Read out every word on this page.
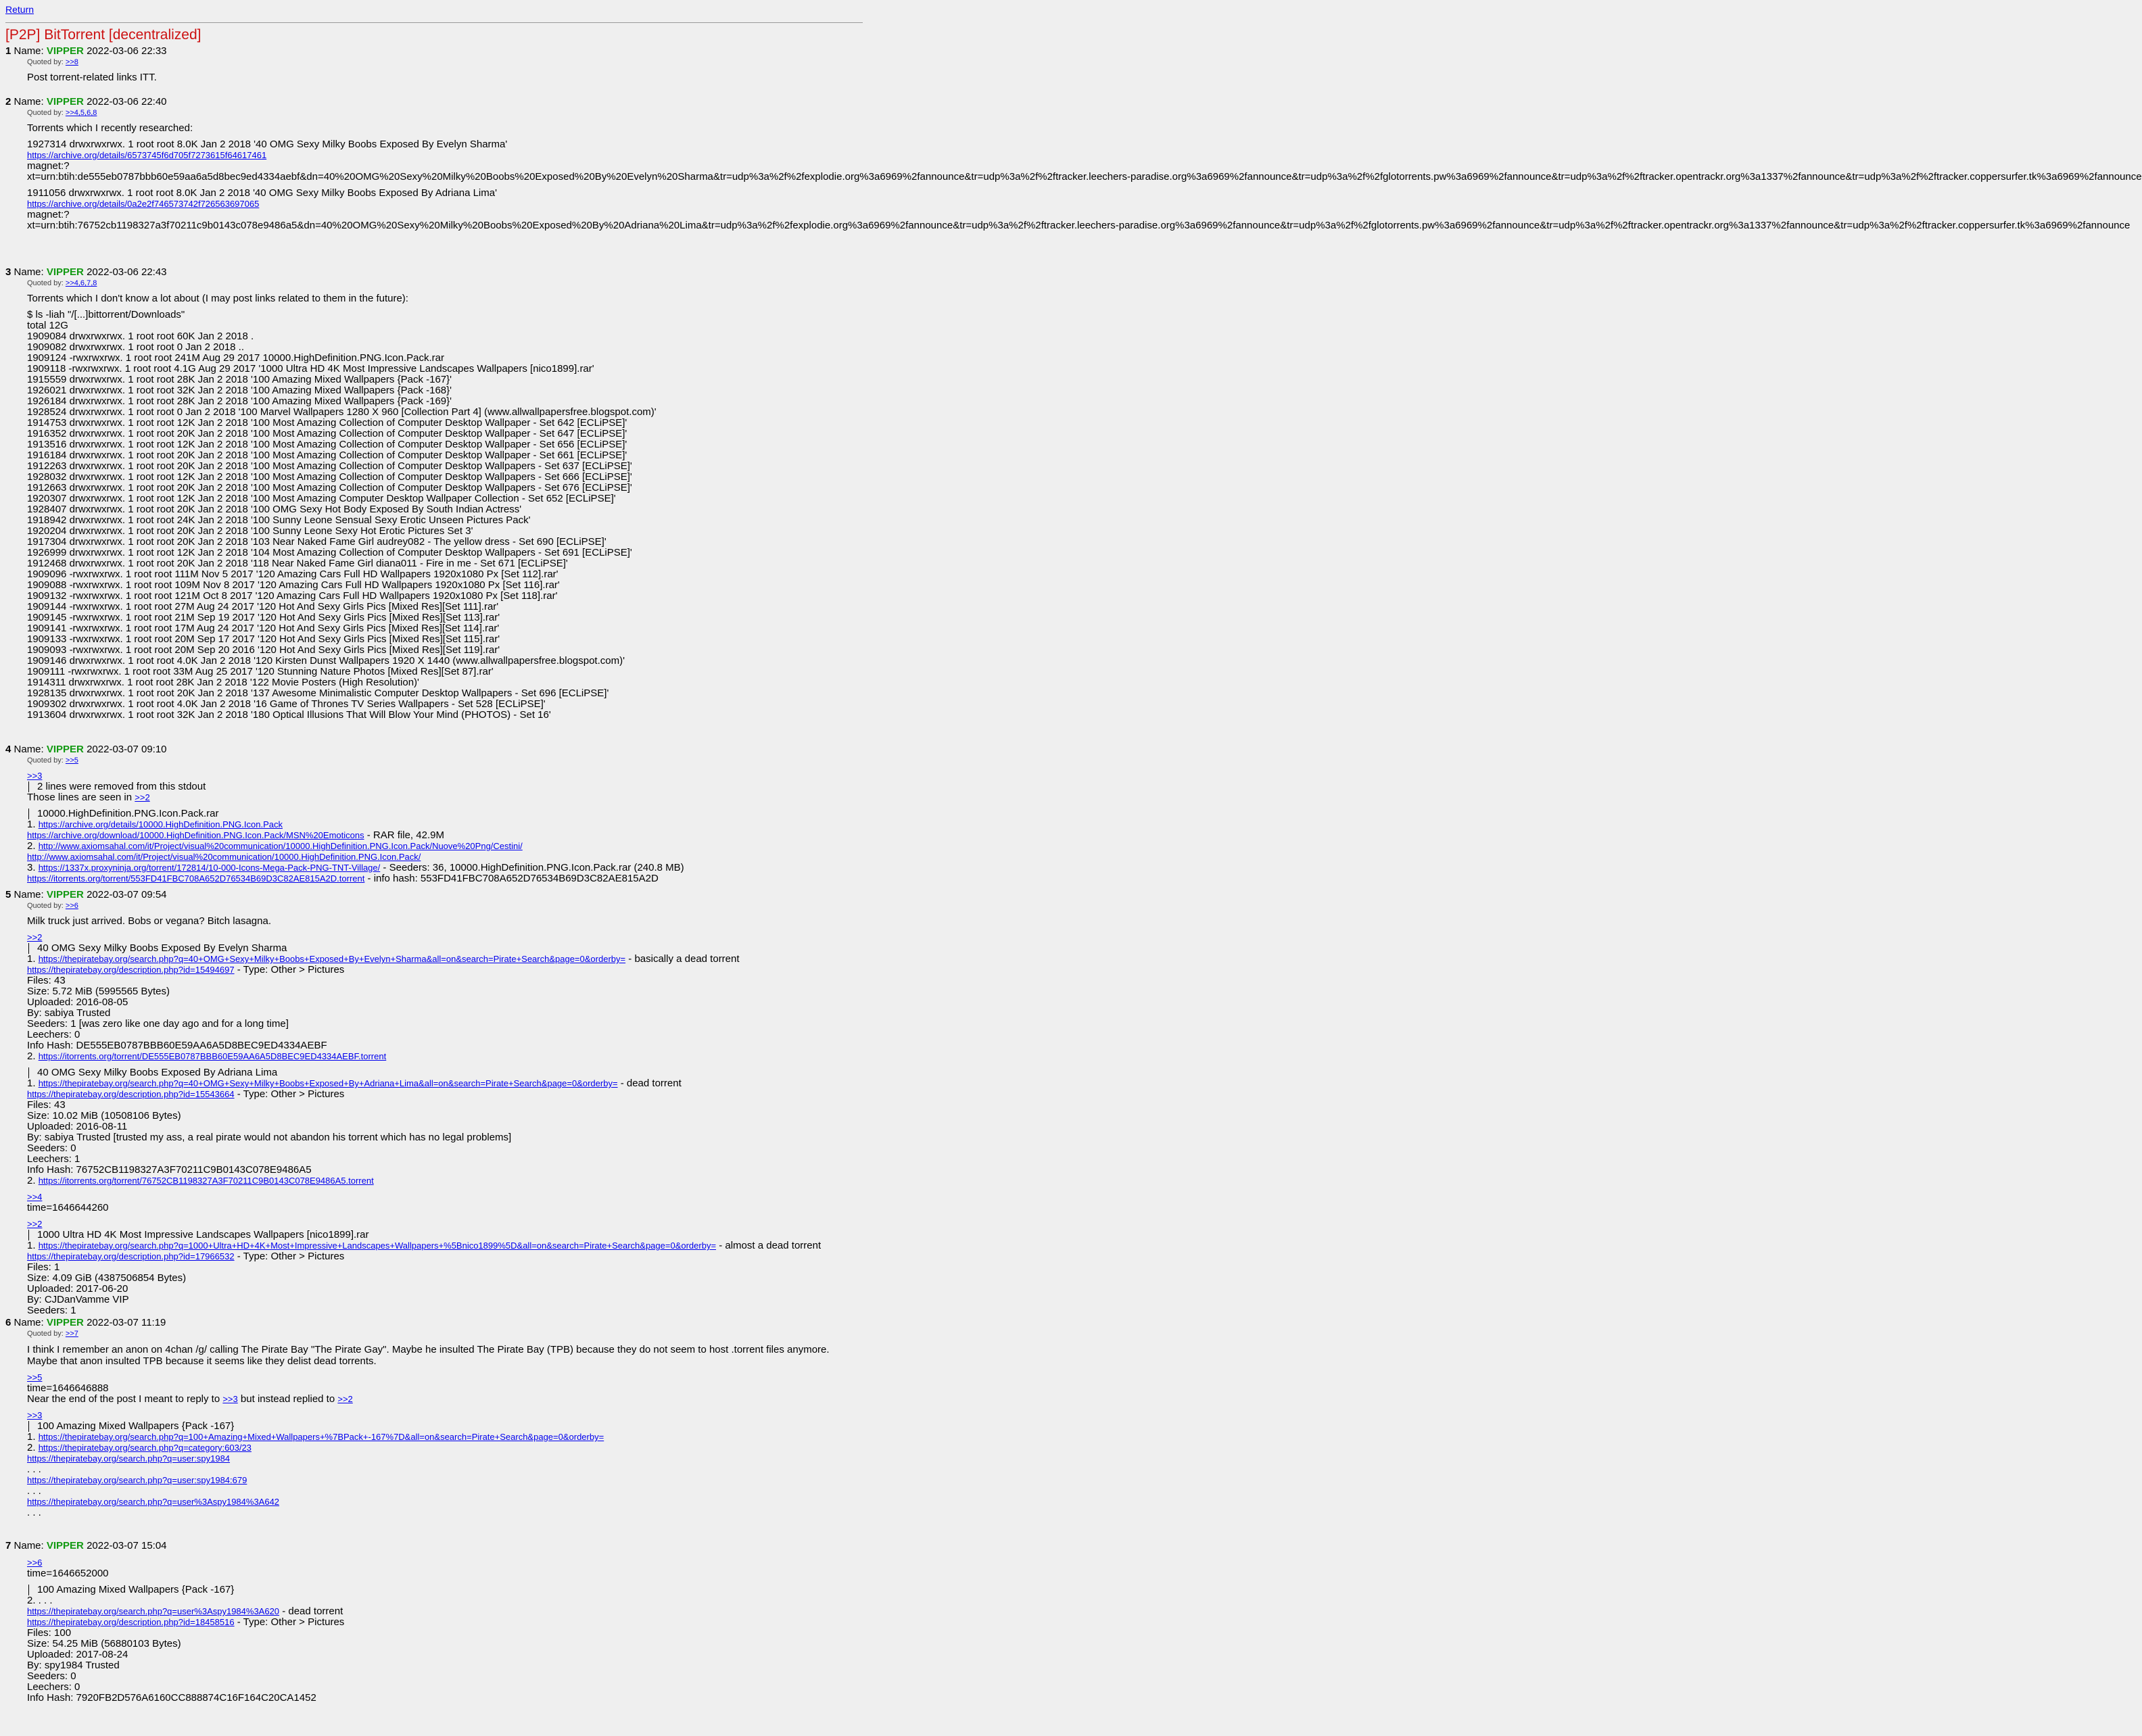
Return
[P2P] BitTorrent [decentralized]
1 Name: VIPPER 2022-03-06 22:33
Quoted by: >>8
Post torrent-related links ITT.
2 Name: VIPPER 2022-03-06 22:40
Quoted by: >>4,5,6,8
Torrents which I recently researched:
1927314 drwxrwxrwx. 1 root root 8.0K Jan 2 2018 '40 OMG Sexy Milky Boobs Exposed By Evelyn Sharma'
https://archive.org/details/6573745f6d705f7273615f64617461
magnet:?
xt=urn:btih:de555eb0787bbb60e59aa6a5d8bec9ed4334aebf&dn=40%20OMG%20Sexy%20Milky%20Boobs%20Exposed%20By%20Evelyn%20Sharma&tr=udp%3a%2f%2fexplodie.org%3a6969%2fannounce&tr=udp%3a%2f%2ftracker.leechers-paradise.org%3a6969%2fannounce&tr=udp%3a%2f%2fglotorrents.pw%3a6969%2fannounce&tr=udp%3a%2f%2ftracker.opentrackr.org%3a1337%2fannounce&tr=udp%3a%2f%2ftracker.coppersurfer.tk%3a6969%2fannounce
1911056 drwxrwxrwx. 1 root root 8.0K Jan 2 2018 '40 OMG Sexy Milky Boobs Exposed By Adriana Lima'
https://archive.org/details/0a2e2f746573742f726563697065
magnet:?
xt=urn:btih:76752cb1198327a3f70211c9b0143c078e9486a5&dn=40%20OMG%20Sexy%20Milky%20Boobs%20Exposed%20By%20Adriana%20Lima&tr=udp%3a%2f%2fexplodie.org%3a6969%2fannounce&tr=udp%3a%2f%2ftracker.leechers-paradise.org%3a6969%2fannounce&tr=udp%3a%2f%2fglotorrents.pw%3a6969%2fannounce&tr=udp%3a%2f%2ftracker.opentrackr.org%3a1337%2fannounce&tr=udp%3a%2f%2ftracker.coppersurfer.tk%3a6969%2fannounce
3 Name: VIPPER 2022-03-06 22:43
Quoted by: >>4,6,7,8
Torrents which I don't know a lot about (I may post links related to them in the future):
$ ls -liah "/[...]bittorrent/Downloads"
total 12G
1909084 drwxrwxrwx. 1 root root 60K Jan 2 2018 .
1909082 drwxrwxrwx. 1 root root 0 Jan 2 2018 ..
1909124 -rwxrwxrwx. 1 root root 241M Aug 29 2017 10000.HighDefinition.PNG.Icon.Pack.rar
1909118 -rwxrwxrwx. 1 root root 4.1G Aug 29 2017 '1000 Ultra HD 4K Most Impressive Landscapes Wallpapers [nico1899].rar'
1915559 drwxrwxrwx. 1 root root 28K Jan 2 2018 '100 Amazing Mixed Wallpapers {Pack -167}'
1926021 drwxrwxrwx. 1 root root 32K Jan 2 2018 '100 Amazing Mixed Wallpapers {Pack -168}'
1926184 drwxrwxrwx. 1 root root 28K Jan 2 2018 '100 Amazing Mixed Wallpapers {Pack -169}'
1928524 drwxrwxrwx. 1 root root 0 Jan 2 2018 '100 Marvel Wallpapers 1280 X 960 [Collection Part 4] (www.allwallpapersfree.blogspot.com)'
1914753 drwxrwxrwx. 1 root root 12K Jan 2 2018 '100 Most Amazing Collection of Computer Desktop Wallpaper - Set 642 [ECLiPSE]'
1916352 drwxrwxrwx. 1 root root 20K Jan 2 2018 '100 Most Amazing Collection of Computer Desktop Wallpaper - Set 647 [ECLiPSE]'
1913516 drwxrwxrwx. 1 root root 12K Jan 2 2018 '100 Most Amazing Collection of Computer Desktop Wallpaper - Set 656 [ECLiPSE]'
1916184 drwxrwxrwx. 1 root root 20K Jan 2 2018 '100 Most Amazing Collection of Computer Desktop Wallpaper - Set 661 [ECLiPSE]'
1912263 drwxrwxrwx. 1 root root 20K Jan 2 2018 '100 Most Amazing Collection of Computer Desktop Wallpapers - Set 637 [ECLiPSE]'
1928032 drwxrwxrwx. 1 root root 12K Jan 2 2018 '100 Most Amazing Collection of Computer Desktop Wallpapers - Set 666 [ECLiPSE]'
1912663 drwxrwxrwx. 1 root root 20K Jan 2 2018 '100 Most Amazing Collection of Computer Desktop Wallpapers - Set 676 [ECLiPSE]'
1920307 drwxrwxrwx. 1 root root 12K Jan 2 2018 '100 Most Amazing Computer Desktop Wallpaper Collection - Set 652 [ECLiPSE]'
1928407 drwxrwxrwx. 1 root root 20K Jan 2 2018 '100 OMG Sexy Hot Body Exposed By South Indian Actress'
1918942 drwxrwxrwx. 1 root root 24K Jan 2 2018 '100 Sunny Leone Sensual Sexy Erotic Unseen Pictures Pack'
1920204 drwxrwxrwx. 1 root root 20K Jan 2 2018 '100 Sunny Leone Sexy Hot Erotic Pictures Set 3'
1917304 drwxrwxrwx. 1 root root 20K Jan 2 2018 '103 Near Naked Fame Girl audrey082 - The yellow dress - Set 690 [ECLiPSE]'
1926999 drwxrwxrwx. 1 root root 12K Jan 2 2018 '104 Most Amazing Collection of Computer Desktop Wallpapers - Set 691 [ECLiPSE]'
1912468 drwxrwxrwx. 1 root root 20K Jan 2 2018 '118 Near Naked Fame Girl diana011 - Fire in me - Set 671 [ECLiPSE]'
1909096 -rwxrwxrwx. 1 root root 111M Nov 5 2017 '120 Amazing Cars Full HD Wallpapers 1920x1080 Px [Set 112].rar'
1909088 -rwxrwxrwx. 1 root root 109M Nov 8 2017 '120 Amazing Cars Full HD Wallpapers 1920x1080 Px [Set 116].rar'
1909132 -rwxrwxrwx. 1 root root 121M Oct 8 2017 '120 Amazing Cars Full HD Wallpapers 1920x1080 Px [Set 118].rar'
1909144 -rwxrwxrwx. 1 root root 27M Aug 24 2017 '120 Hot And Sexy Girls Pics [Mixed Res][Set 111].rar'
1909145 -rwxrwxrwx. 1 root root 21M Sep 19 2017 '120 Hot And Sexy Girls Pics [Mixed Res][Set 113].rar'
1909141 -rwxrwxrwx. 1 root root 17M Aug 24 2017 '120 Hot And Sexy Girls Pics [Mixed Res][Set 114].rar'
1909133 -rwxrwxrwx. 1 root root 20M Sep 17 2017 '120 Hot And Sexy Girls Pics [Mixed Res][Set 115].rar'
1909093 -rwxrwxrwx. 1 root root 20M Sep 20 2016 '120 Hot And Sexy Girls Pics [Mixed Res][Set 119].rar'
1909146 drwxrwxrwx. 1 root root 4.0K Jan 2 2018 '120 Kirsten Dunst Wallpapers 1920 X 1440 (www.allwallpapersfree.blogspot.com)'
1909111 -rwxrwxrwx. 1 root root 33M Aug 25 2017 '120 Stunning Nature Photos [Mixed Res][Set 87].rar'
1914311 drwxrwxrwx. 1 root root 28K Jan 2 2018 '122 Movie Posters (High Resolution)'
1928135 drwxrwxrwx. 1 root root 20K Jan 2 2018 '137 Awesome Minimalistic Computer Desktop Wallpapers - Set 696 [ECLiPSE]'
1909302 drwxrwxrwx. 1 root root 4.0K Jan 2 2018 '16 Game of Thrones TV Series Wallpapers - Set 528 [ECLiPSE]'
1913604 drwxrwxrwx. 1 root root 32K Jan 2 2018 '180 Optical Illusions That Will Blow Your Mind (PHOTOS) - Set 16'
4 Name: VIPPER 2022-03-07 09:10
Quoted by: >>5
>>3
2 lines were removed from this stdout
Those lines are seen in >>2
10000.HighDefinition.PNG.Icon.Pack.rar
1. https://archive.org/details/10000.HighDefinition.PNG.Icon.Pack
https://archive.org/download/10000.HighDefinition.PNG.Icon.Pack/MSN%20Emoticons - RAR file, 42.9M
2. http://www.axiomsahal.com/it/Project/visual%20communication/10000.HighDefinition.PNG.Icon.Pack/Nuove%20Png/Cestini/
http://www.axiomsahal.com/it/Project/visual%20communication/10000.HighDefinition.PNG.Icon.Pack/
3. https://1337x.proxyninja.org/torrent/172814/10-000-Icons-Mega-Pack-PNG-TNT-Village/ - Seeders: 36, 10000.HighDefinition.PNG.Icon.Pack.rar (240.8 MB)
https://itorrents.org/torrent/553FD41FBC708A652D76534B69D3C82AE815A2D.torrent - info hash: 553FD41FBC708A652D76534B69D3C82AE815A2D
5 Name: VIPPER 2022-03-07 09:54
Quoted by: >>6
Milk truck just arrived. Bobs or vegana? Bitch lasagna.
>>2
40 OMG Sexy Milky Boobs Exposed By Evelyn Sharma
1. https://thepiratebay.org/search.php?q=40+OMG+Sexy+Milky+Boobs+Exposed+By+Evelyn+Sharma&all=on&search=Pirate+Search&page=0&orderby= - basically a dead torrent
https://thepiratebay.org/description.php?id=15494697 - Type: Other > Pictures
Files: 43
Size: 5.72 MiB (5995565 Bytes)
Uploaded: 2016-08-05
By: sabiya Trusted
Seeders: 1 [was zero like one day ago and for a long time]
Leechers: 0
Info Hash: DE555EB0787BBB60E59AA6A5D8BEC9ED4334AEBF
2. https://itorrents.org/torrent/DE555EB0787BBB60E59AA6A5D8BEC9ED4334AEBF.torrent
40 OMG Sexy Milky Boobs Exposed By Adriana Lima
1. https://thepiratebay.org/search.php?q=40+OMG+Sexy+Milky+Boobs+Exposed+By+Adriana+Lima&all=on&search=Pirate+Search&page=0&orderby= - dead torrent
https://thepiratebay.org/description.php?id=15543664 - Type: Other > Pictures
Files: 43
Size: 10.02 MiB (10508106 Bytes)
Uploaded: 2016-08-11
By: sabiya Trusted [trusted my ass, a real pirate would not abandon his torrent which has no legal problems]
Seeders: 0
Leechers: 1
Info Hash: 76752CB1198327A3F70211C9B0143C078E9486A5
2. https://itorrents.org/torrent/76752CB1198327A3F70211C9B0143C078E9486A5.torrent
>>4
time=1646644260
>>2
1000 Ultra HD 4K Most Impressive Landscapes Wallpapers [nico1899].rar
1. https://thepiratebay.org/search.php?q=1000+Ultra+HD+4K+Most+Impressive+Landscapes+Wallpapers+%5Bnico1899%5D&all=on&search=Pirate+Search&page=0&orderby= - almost a dead torrent
https://thepiratebay.org/description.php?id=17966532 - Type: Other > Pictures
Files: 1
Size: 4.09 GiB (4387506854 Bytes)
Uploaded: 2017-06-20
By: CJDanVamme VIP
Seeders: 1
6 Name: VIPPER 2022-03-07 11:19
Quoted by: >>7
I think I remember an anon on 4chan /g/ calling The Pirate Bay "The Pirate Gay". Maybe he insulted The Pirate Bay (TPB) because they do not seem to host .torrent files anymore. Maybe that anon insulted TPB because it seems like they delist dead torrents.
>>5
time=1646646888
Near the end of the post I meant to reply to >>3 but instead replied to >>2
>>3
100 Amazing Mixed Wallpapers {Pack -167}
1. https://thepiratebay.org/search.php?q=100+Amazing+Mixed+Wallpapers+%7BPack+-167%7D&all=on&search=Pirate+Search&page=0&orderby=
2. https://thepiratebay.org/search.php?q=category:603/23
https://thepiratebay.org/search.php?q=user:spy1984
. . .
https://thepiratebay.org/search.php?q=user:spy1984:679
. . .
https://thepiratebay.org/search.php?q=user%3Aspy1984%3A642
. . .
7 Name: VIPPER 2022-03-07 15:04
>>6
time=1646652000
100 Amazing Mixed Wallpapers {Pack -167}
2. . . .
https://thepiratebay.org/search.php?q=user%3Aspy1984%3A620 - dead torrent
https://thepiratebay.org/description.php?id=18458516 - Type: Other > Pictures
Files: 100
Size: 54.25 MiB (56880103 Bytes)
Uploaded: 2017-08-24
By: spy1984 Trusted
Seeders: 0
Leechers: 0
Info Hash: 7920FB2D576A6160CC888874C16F164C20CA1452
